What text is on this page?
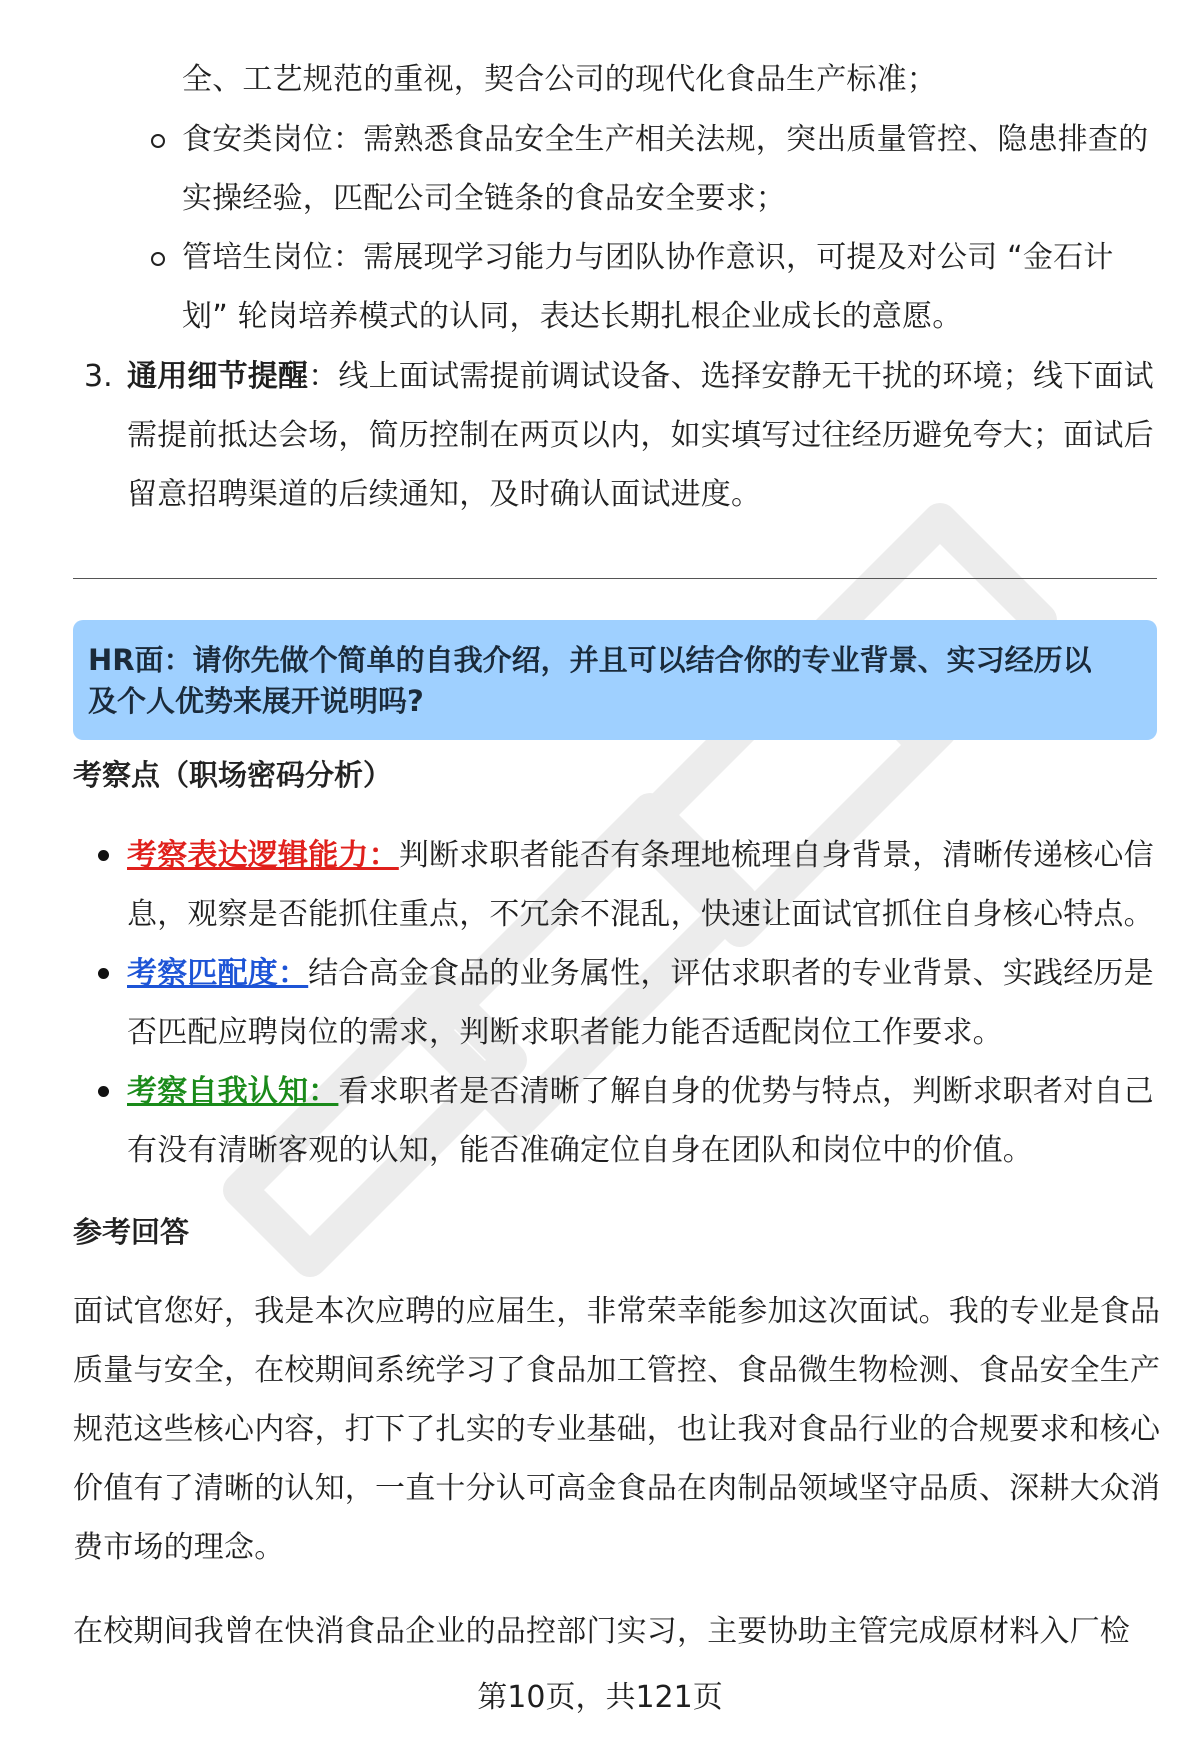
全、工艺规范的重视，契合公司的现代化食品生产标准；
食安类岗位：需熟悉食品安全生产相关法规，突出质量管控、隐患排查的
实操经验，匹配公司全链条的食品安全要求；
管培生岗位：需展现学习能力与团队协作意识，可提及对公司 “金石计
划” 轮岗培养模式的认同，表达长期扎根企业成长的意愿。
3. 通用细节提醒：线上面试需提前调试设备、选择安静无干扰的环境；线下面试
需提前抵达会场，简历控制在两页以内，如实填写过往经历避免夸大；面试后
留意招聘渠道的后续通知，及时确认面试进度。
HR面：请你先做个简单的自我介绍，并且可以结合你的专业背景、实习经历以
及个人优势来展开说明吗?
考察点（职场密码分析）
考察表达逻辑能力：判断求职者能否有条理地梳理自身背景，清晰传递核心信
息，观察是否能抓住重点，不冗余不混乱，快速让面试官抓住自身核心特点。
考察匹配度：结合高金食品的业务属性，评估求职者的专业背景、实践经历是
否匹配应聘岗位的需求，判断求职者能力能否适配岗位工作要求。
考察自我认知：看求职者是否清晰了解自身的优势与特点，判断求职者对自己
有没有清晰客观的认知，能否准确定位自身在团队和岗位中的价值。
参考回答
面试官您好，我是本次应聘的应届生，非常荣幸能参加这次面试。我的专业是食品
质量与安全，在校期间系统学习了食品加工管控、食品微生物检测、食品安全生产
规范这些核心内容，打下了扎实的专业基础，也让我对食品行业的合规要求和核心
价值有了清晰的认知，一直十分认可高金食品在肉制品领域坚守品质、深耕大众消
费市场的理念。
在校期间我曾在快消食品企业的品控部门实习，主要协助主管完成原材料入厂检
第10页，共121页
